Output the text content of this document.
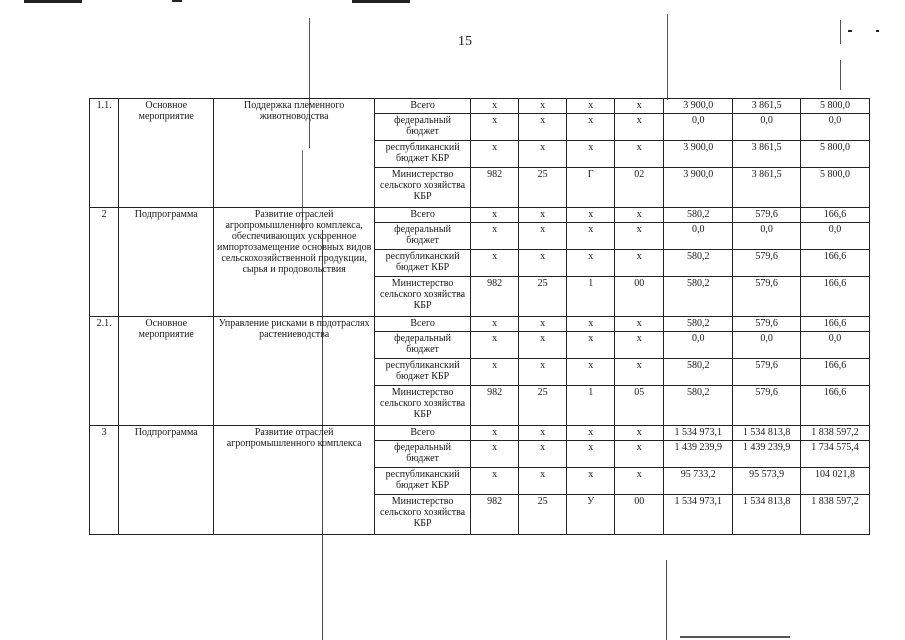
15
1.1.	Основное мероприятие	Поддержка племенного животноводства	Всего	х	х	х	х	3 900,0	3 861,5	5 800,0
			федеральный бюджет	х	х	х	х	0,0	0,0	0,0
			республиканский бюджет КБР	х	х	х	х	3 900,0	3 861,5	5 800,0
			Министерство сельского хозяйства КБР	982	25	Г	02	3 900,0	3 861,5	5 800,0
2	Подпрограмма	Развитие отраслей агропромышленного комплекса, обеспечивающих ускоренное импортозамещение основных видов сельскохозяйственной продукции, сырья и продовольствия	Всего	х	х	х	х	580,2	579,6	166,6
			федеральный бюджет	х	х	х	х	0,0	0,0	0,0
			республиканский бюджет КБР	х	х	х	х	580,2	579,6	166,6
			Министерство сельского хозяйства КБР	982	25	1	00	580,2	579,6	166,6
2.1.	Основное мероприятие	Управление рисками в подотраслях растениеводства	Всего	х	х	х	х	580,2	579,6	166,6
			федеральный бюджет	х	х	х	х	0,0	0,0	0,0
			республиканский бюджет КБР	х	х	х	х	580,2	579,6	166,6
			Министерство сельского хозяйства КБР	982	25	1	05	580,2	579,6	166,6
3	Подпрограмма	Развитие отраслей агропромышленного комплекса	Всего	х	х	х	х	1 534 973,1	1 534 813,8	1 838 597,2
			федеральный бюджет	х	х	х	х	1 439 239,9	1 439 239,9	1 734 575,4
			республиканский бюджет КБР	х	х	х	х	95 733,2	95 573,9	104 021,8
			Министерство сельского хозяйства КБР	982	25	У	00	1 534 973,1	1 534 813,8	1 838 597,2
